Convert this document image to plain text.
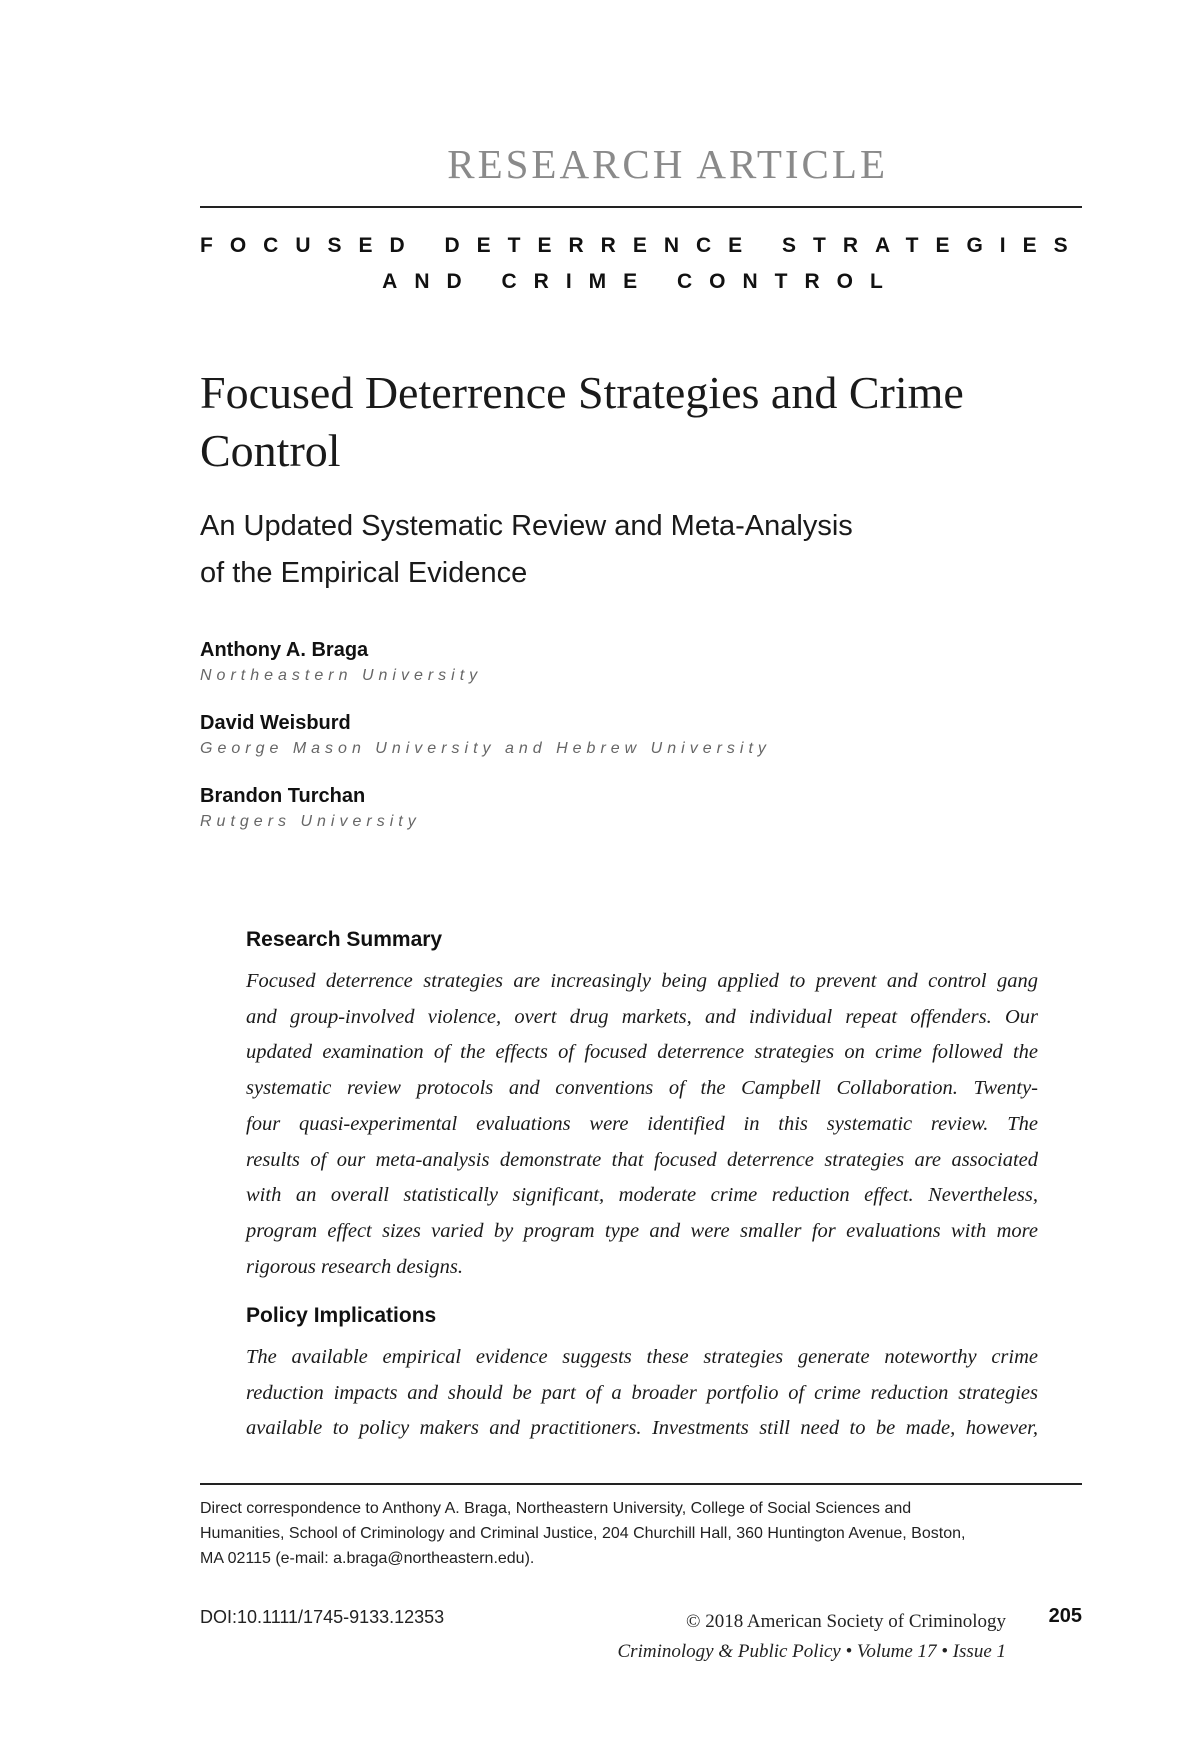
RESEARCH ARTICLE
FOCUSED DETERRENCE STRATEGIES
AND CRIME CONTROL
Focused Deterrence Strategies and Crime
Control
An Updated Systematic Review and Meta-Analysis
of the Empirical Evidence
Anthony A. Braga
Northeastern University
David Weisburd
George Mason University and Hebrew University
Brandon Turchan
Rutgers University
Research Summary
Focused deterrence strategies are increasingly being applied to prevent and control gang
and group-involved violence, overt drug markets, and individual repeat offenders. Our
updated examination of the effects of focused deterrence strategies on crime followed the
systematic review protocols and conventions of the Campbell Collaboration. Twenty-
four quasi-experimental evaluations were identified in this systematic review. The
results of our meta-analysis demonstrate that focused deterrence strategies are associated
with an overall statistically significant, moderate crime reduction effect. Nevertheless,
program effect sizes varied by program type and were smaller for evaluations with more
rigorous research designs.
Policy Implications
The available empirical evidence suggests these strategies generate noteworthy crime
reduction impacts and should be part of a broader portfolio of crime reduction strategies
available to policy makers and practitioners. Investments still need to be made, however,
Direct correspondence to Anthony A. Braga, Northeastern University, College of Social Sciences and
Humanities, School of Criminology and Criminal Justice, 204 Churchill Hall, 360 Huntington Avenue, Boston,
MA 02115 (e-mail: a.braga@northeastern.edu).
DOI:10.1111/1745-9133.12353	© 2018 American Society of Criminology
Criminology & Public Policy • Volume 17 • Issue 1
205
